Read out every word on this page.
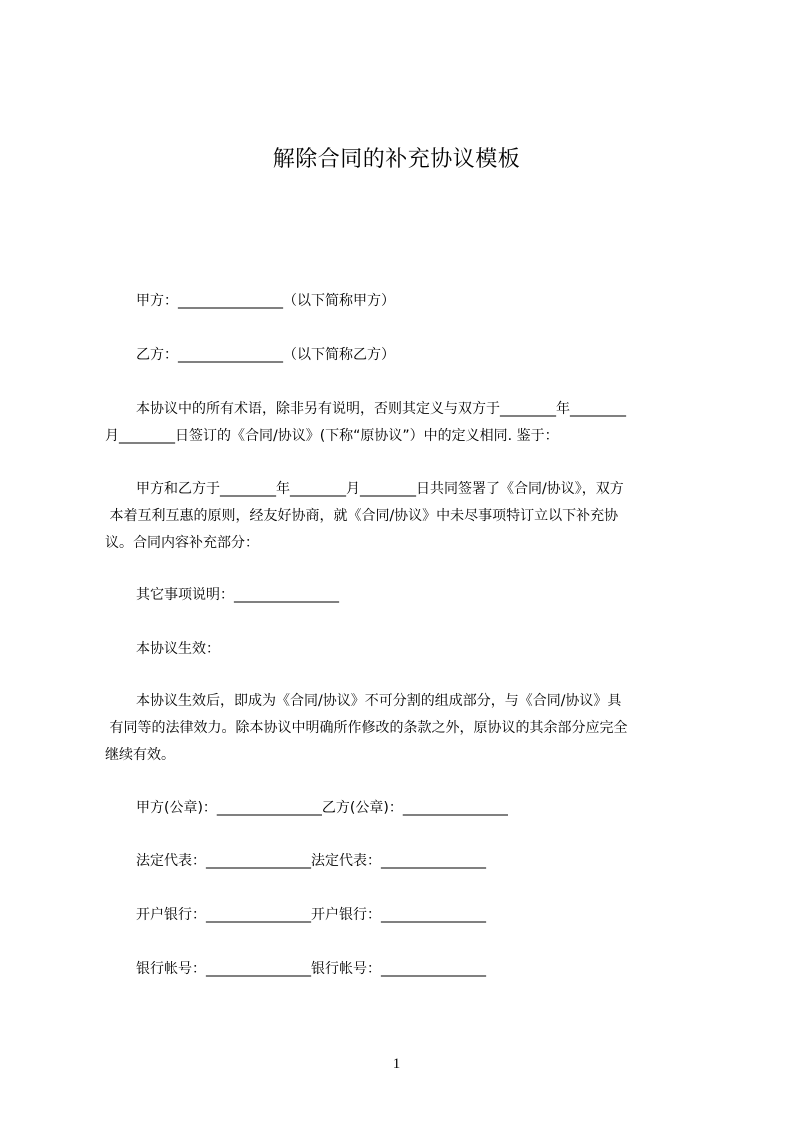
解除合同的补充协议模板
甲方：_______________（以下简称甲方）
乙方：_______________（以下简称乙方）
本协议中的所有术语，除非另有说明，否则其定义与双方于________年________
月________日签订的《合同/协议》(下称“原协议”）中的定义相同. 鉴于：
甲方和乙方于________年________月________日共同签署了《合同/协议》，双方
本着互利互惠的原则，经友好协商，就《合同/协议》中未尽事项特订立以下补充协
议。合同内容补充部分：
其它事项说明：_______________
本协议生效：
本协议生效后，即成为《合同/协议》不可分割的组成部分，与《合同/协议》具
有同等的法律效力。除本协议中明确所作修改的条款之外，原协议的其余部分应完全
继续有效。
甲方(公章)：_______________乙方(公章)：_______________
法定代表：_______________法定代表：_______________
开户银行：_______________开户银行：_______________
银行帐号：_______________银行帐号：_______________
1
